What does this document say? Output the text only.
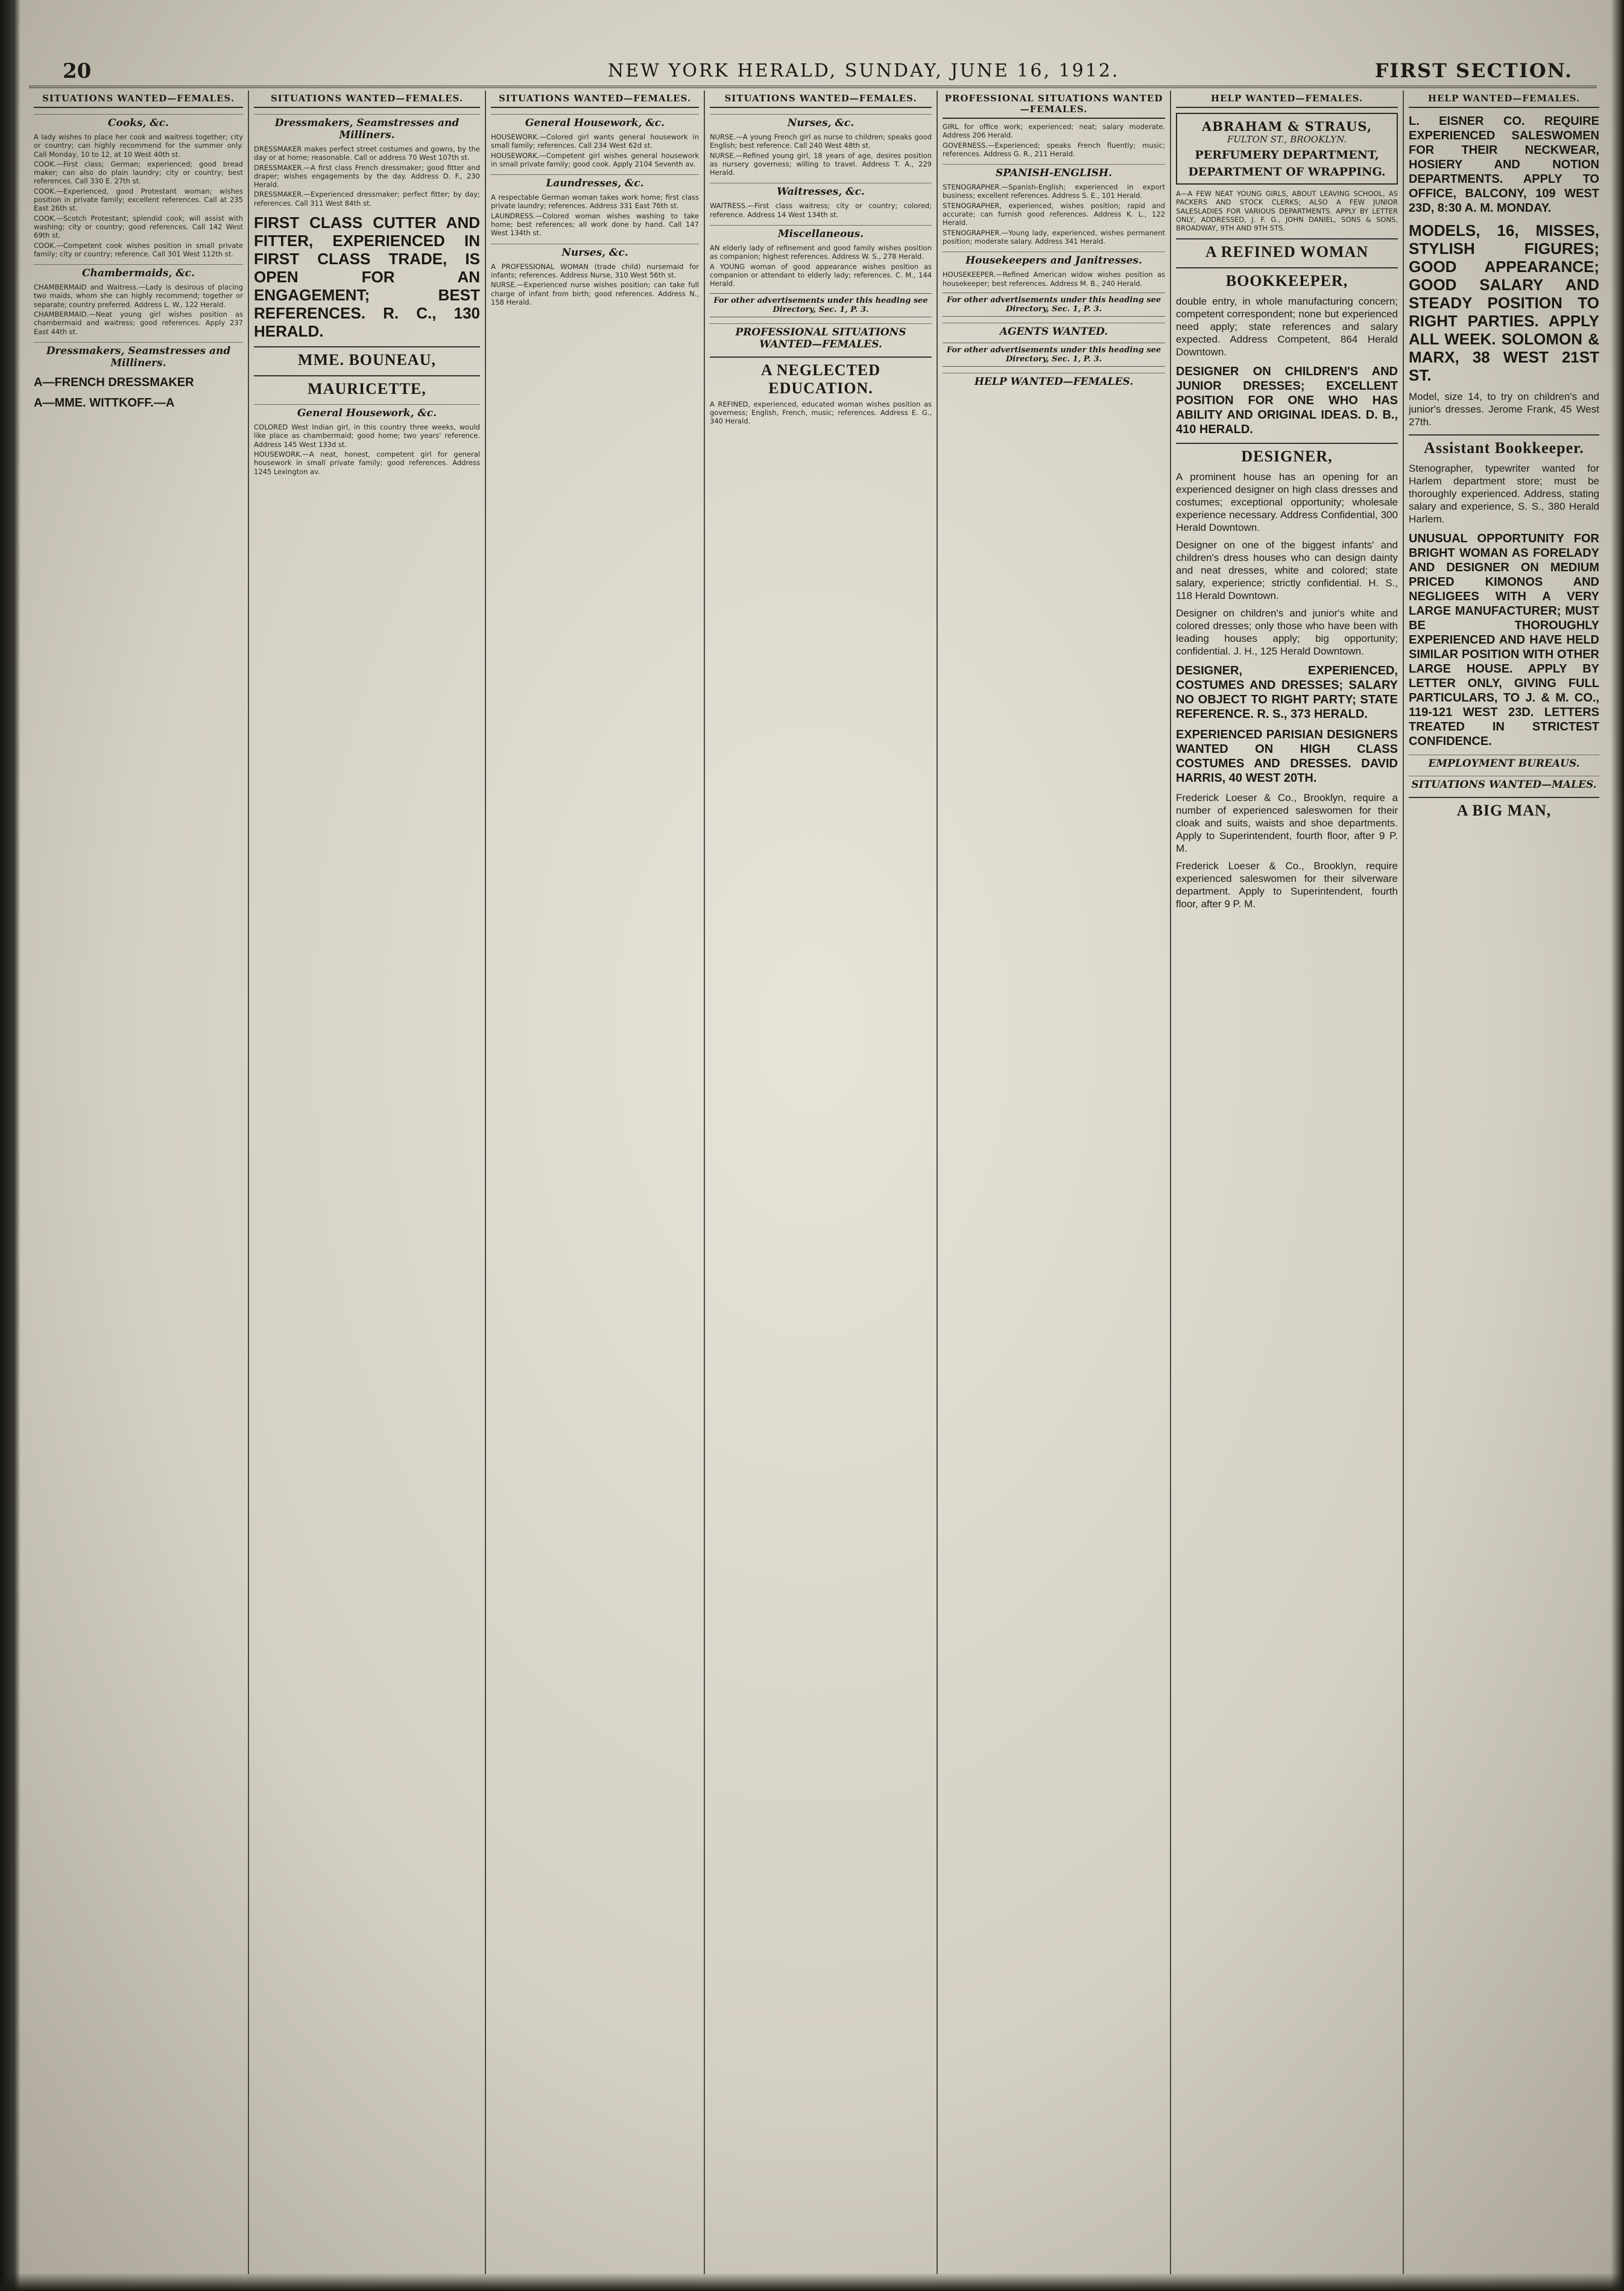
20	NEW YORK HERALD, SUNDAY, JUNE 16, 1912.	FIRST SECTION.
SITUATIONS WANTED—FEMALES.
Cooks, &c.

A lady wishes to place her cook and waitress together; city or country; can highly recommend for the summer only. Call Monday, 10 to 12, at 10 West 40th st.

COOK.—First class; German; experienced; good bread maker; can also do plain laundry; city or country; best references. Call 330 E. 27th st.

COOK.—Experienced, good Protestant woman; wishes position in private family; excellent references. Call at 235 East 26th st.

COOK.—Scotch Protestant; splendid cook; will assist with washing; city or country; good references. Call 142 West 69th st.

COOK.—Competent cook wishes position in small private family; city or country; reference. Call 301 West 112th st.

Chambermaids, &c.

CHAMBERMAID and Waitress.—Lady is desirous of placing two maids, whom she can highly recommend; together or separate; country preferred. Address L. W., 122 Herald.

CHAMBERMAID.—Neat young girl wishes position as chambermaid and waitress; good references. Apply 237 East 44th st.

Dressmakers, Seamstresses and Milliners.
A—FRENCH DRESSMAKER
A—MME. WITTKOFF.—A
SITUATIONS WANTED—FEMALES.
Dressmakers, Seamstresses and Milliners.

DRESSMAKER makes perfect street costumes and gowns, by the day or at home; reasonable. Call or address 70 West 107th st.

DRESSMAKER.—A first class French dressmaker; good fitter and draper; wishes engagements by the day. Address D. F., 230 Herald.

DRESSMAKER.—Experienced dressmaker; perfect fitter; by day; references. Call 311 West 84th st.

FIRST CLASS CUTTER AND FITTER, EXPERIENCED IN FIRST CLASS TRADE, IS OPEN FOR AN ENGAGEMENT; BEST REFERENCES. R. C., 130 HERALD.
MME. BOUNEAU,
MAURICETTE,
General Housework, &c.

COLORED West Indian girl, in this country three weeks, would like place as chambermaid; good home; two years' reference. Address 145 West 133d st.

HOUSEWORK.—A neat, honest, competent girl for general housework in small private family; good references. Address 1245 Lexington av.

SITUATIONS WANTED—FEMALES.
General Housework, &c.

HOUSEWORK.—Colored girl wants general housework in small family; references. Call 234 West 62d st.

HOUSEWORK.—Competent girl wishes general housework in small private family; good cook. Apply 2104 Seventh av.

Laundresses, &c.

A respectable German woman takes work home; first class private laundry; references. Address 331 East 76th st.

LAUNDRESS.—Colored woman wishes washing to take home; best references; all work done by hand. Call 147 West 134th st.

Nurses, &c.

A PROFESSIONAL WOMAN (trade child) nursemaid for infants; references. Address Nurse, 310 West 56th st.

NURSE.—Experienced nurse wishes position; can take full charge of infant from birth; good references. Address N., 158 Herald.

SITUATIONS WANTED—FEMALES.
Nurses, &c.

NURSE.—A young French girl as nurse to children; speaks good English; best reference. Call 240 West 48th st.

NURSE.—Refined young girl, 18 years of age, desires position as nursery governess; willing to travel. Address T. A., 229 Herald.

Waitresses, &c.

WAITRESS.—First class waitress; city or country; colored; reference. Address 14 West 134th st.

Miscellaneous.

AN elderly lady of refinement and good family wishes position as companion; highest references. Address W. S., 278 Herald.

A YOUNG woman of good appearance wishes position as companion or attendant to elderly lady; references. C. M., 144 Herald.

For other advertisements under this heading see Directory, Sec. 1, P. 3.
PROFESSIONAL SITUATIONS WANTED—FEMALES.
A NEGLECTED EDUCATION.

A REFINED, experienced, educated woman wishes position as governess; English, French, music; references. Address E. G., 340 Herald.

PROFESSIONAL SITUATIONS WANTED—FEMALES.

GIRL for office work; experienced; neat; salary moderate. Address 206 Herald.

GOVERNESS.—Experienced; speaks French fluently; music; references. Address G. R., 211 Herald.

SPANISH-ENGLISH.

STENOGRAPHER.—Spanish-English; experienced in export business; excellent references. Address S. E., 101 Herald.

STENOGRAPHER, experienced, wishes position; rapid and accurate; can furnish good references. Address K. L., 122 Herald.

STENOGRAPHER.—Young lady, experienced, wishes permanent position; moderate salary. Address 341 Herald.

Housekeepers and Janitresses.

HOUSEKEEPER.—Refined American widow wishes position as housekeeper; best references. Address M. B., 240 Herald.

For other advertisements under this heading see Directory, Sec. 1, P. 3.
AGENTS WANTED.
For other advertisements under this heading see Directory, Sec. 1, P. 3.
HELP WANTED—FEMALES.
HELP WANTED—FEMALES.
ABRAHAM & STRAUS,
FULTON ST., BROOKLYN.
PERFUMERY DEPARTMENT,
DEPARTMENT OF WRAPPING.

A—A FEW NEAT YOUNG GIRLS, ABOUT LEAVING SCHOOL, AS PACKERS AND STOCK CLERKS; ALSO A FEW JUNIOR SALESLADIES FOR VARIOUS DEPARTMENTS. APPLY BY LETTER ONLY, ADDRESSED, J. F. G., JOHN DANIEL, SONS & SONS, BROADWAY, 9TH AND 9TH STS.

A REFINED WOMAN
BOOKKEEPER,
double entry, in whole manufacturing concern; competent correspondent; none but experienced need apply; state references and salary expected. Address Competent, 864 Herald Downtown.
DESIGNER ON CHILDREN'S AND JUNIOR DRESSES; EXCELLENT POSITION FOR ONE WHO HAS ABILITY AND ORIGINAL IDEAS. D. B., 410 HERALD.
DESIGNER,
A prominent house has an opening for an experienced designer on high class dresses and costumes; exceptional opportunity; wholesale experience necessary. Address Confidential, 300 Herald Downtown.
Designer on one of the biggest infants' and children's dress houses who can design dainty and neat dresses, white and colored; state salary, experience; strictly confidential. H. S., 118 Herald Downtown.
Designer on children's and junior's white and colored dresses; only those who have been with leading houses apply; big opportunity; confidential. J. H., 125 Herald Downtown.
DESIGNER, EXPERIENCED, COSTUMES AND DRESSES; SALARY NO OBJECT TO RIGHT PARTY; STATE REFERENCE. R. S., 373 HERALD.
EXPERIENCED PARISIAN DESIGNERS WANTED ON HIGH CLASS COSTUMES AND DRESSES. DAVID HARRIS, 40 WEST 20TH.
Frederick Loeser & Co., Brooklyn, require a number of experienced saleswomen for their cloak and suits, waists and shoe departments. Apply to Superintendent, fourth floor, after 9 P. M.
Frederick Loeser & Co., Brooklyn, require experienced saleswomen for their silverware department. Apply to Superintendent, fourth floor, after 9 P. M.
HELP WANTED—FEMALES.
L. EISNER CO. REQUIRE EXPERIENCED SALESWOMEN FOR THEIR NECKWEAR, HOSIERY AND NOTION DEPARTMENTS. APPLY TO OFFICE, BALCONY, 109 WEST 23D, 8:30 A. M. MONDAY.
MODELS, 16, MISSES, STYLISH FIGURES; GOOD APPEARANCE; GOOD SALARY AND STEADY POSITION TO RIGHT PARTIES. APPLY ALL WEEK. SOLOMON & MARX, 38 WEST 21ST ST.
Model, size 14, to try on children's and junior's dresses. Jerome Frank, 45 West 27th.
Assistant Bookkeeper.
Stenographer, typewriter wanted for Harlem department store; must be thoroughly experienced. Address, stating salary and experience, S. S., 380 Herald Harlem.
UNUSUAL OPPORTUNITY FOR BRIGHT WOMAN AS FORELADY AND DESIGNER ON MEDIUM PRICED KIMONOS AND NEGLIGEES WITH A VERY LARGE MANUFACTURER; MUST BE THOROUGHLY EXPERIENCED AND HAVE HELD SIMILAR POSITION WITH OTHER LARGE HOUSE. APPLY BY LETTER ONLY, GIVING FULL PARTICULARS, TO J. & M. CO., 119-121 WEST 23D. LETTERS TREATED IN STRICTEST CONFIDENCE.
EMPLOYMENT BUREAUS.
SITUATIONS WANTED—MALES.
A BIG MAN,
